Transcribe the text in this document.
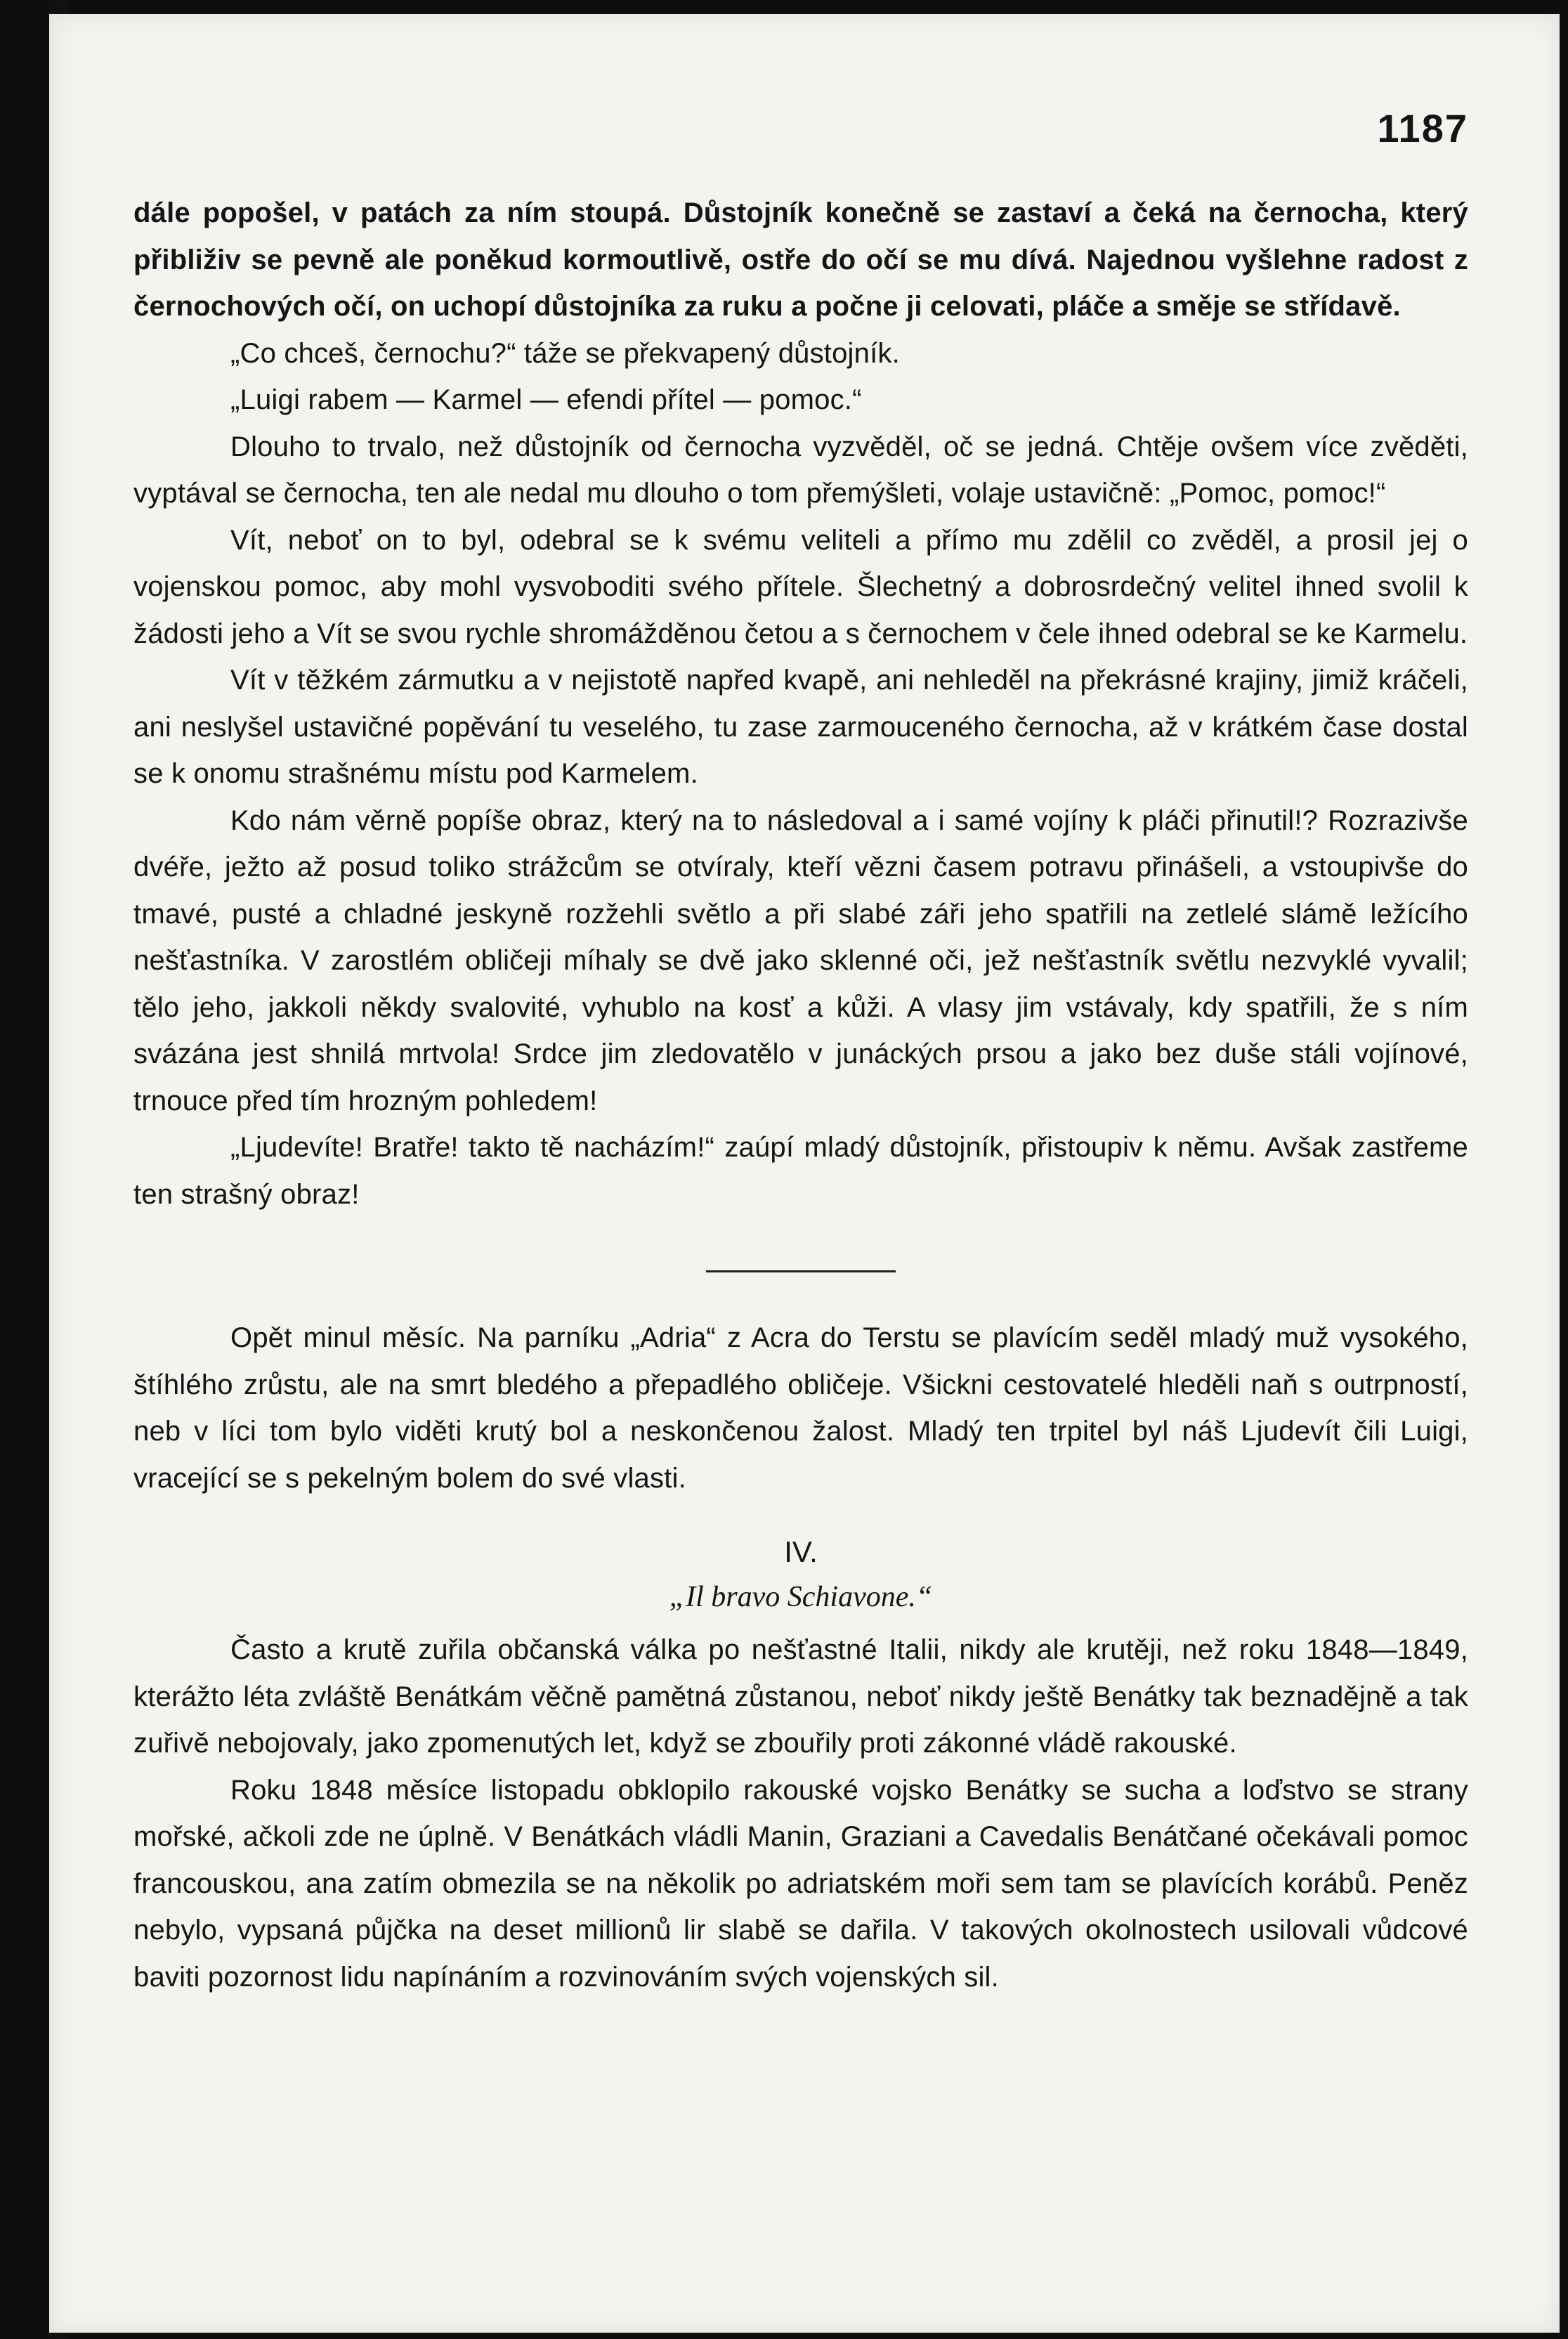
1187

dále popošel, v patách za ním stoupá. Důstojník konečně se zastaví a čeká na černocha, který přibliživ se pevně ale poněkud kormoutlivě, ostře do očí se mu dívá. Najednou vyšlehne radost z černochových očí, on uchopí důstojníka za ruku a počne ji celovati, pláče a směje se střídavě.

„Co chceš, černochu?“ táže se překvapený důstojník.

„Luigi rabem — Karmel — efendi přítel — pomoc.“

Dlouho to trvalo, než důstojník od černocha vyzvěděl, oč se jedná. Chtěje ovšem více zvěděti, vyptával se černocha, ten ale nedal mu dlouho o tom přemýšleti, volaje ustavičně: „Pomoc, pomoc!“

Vít, neboť on to byl, odebral se k svému veliteli a přímo mu zdělil co zvěděl, a prosil jej o vojenskou pomoc, aby mohl vysvoboditi svého přítele. Šlechetný a dobrosrdečný velitel ihned svolil k žádosti jeho a Vít se svou rychle shromážděnou četou a s černochem v čele ihned odebral se ke Karmelu.

Vít v těžkém zármutku a v nejistotě napřed kvapě, ani nehleděl na překrásné krajiny, jimiž kráčeli, ani neslyšel ustavičné popěvání tu veselého, tu zase zarmouceného černocha, až v krátkém čase dostal se k onomu strašnému místu pod Karmelem.

Kdo nám věrně popíše obraz, který na to následoval a i samé vojíny k pláči přinutil!? Rozrazivše dvéře, ježto až posud toliko strážcům se otvíraly, kteří vězni časem potravu přinášeli, a vstoupivše do tmavé, pusté a chladné jeskyně rozžehli světlo a při slabé záři jeho spatřili na zetlelé slámě ležícího nešťastníka. V zarostlém obličeji míhaly se dvě jako sklenné oči, jež nešťastník světlu nezvyklé vyvalil; tělo jeho, jakkoli někdy svalovité, vyhublo na kosť a kůži. A vlasy jim vstávaly, kdy spatřili, že s ním svázána jest shnilá mrtvola! Srdce jim zledovatělo v junáckých prsou a jako bez duše stáli vojínové, trnouce před tím hrozným pohledem!

„Ljudevíte! Bratře! takto tě nacházím!“ zaúpí mladý důstojník, přistoupiv k němu. Avšak zastřeme ten strašný obraz!

Opět minul měsíc. Na parníku „Adria“ z Acra do Terstu se plavícím seděl mladý muž vysokého, štíhlého zrůstu, ale na smrt bledého a přepadlého obličeje. Všickni cestovatelé hleděli naň s outrpností, neb v líci tom bylo viděti krutý bol a neskončenou žalost. Mladý ten trpitel byl náš Ljudevít čili Luigi, vracející se s pekelným bolem do své vlasti.

IV.

„Il bravo Schiavone.“

Často a krutě zuřila občanská válka po nešťastné Italii, nikdy ale krutěji, než roku 1848—1849, kterážto léta zvláště Benátkám věčně pamětná zůstanou, neboť nikdy ještě Benátky tak beznadějně a tak zuřivě nebojovaly, jako zpomenutých let, když se zbouřily proti zákonné vládě rakouské.

Roku 1848 měsíce listopadu obklopilo rakouské vojsko Benátky se sucha a loďstvo se strany mořské, ačkoli zde ne úplně. V Benátkách vládli Manin, Graziani a Cavedalis Benátčané očekávali pomoc francouskou, ana zatím obmezila se na několik po adriatském moři sem tam se plavících korábů. Peněz nebylo, vypsaná půjčka na deset millionů lir slabě se dařila. V takových okolnostech usilovali vůdcové baviti pozornost lidu napínáním a rozvinováním svých vojenských sil.
